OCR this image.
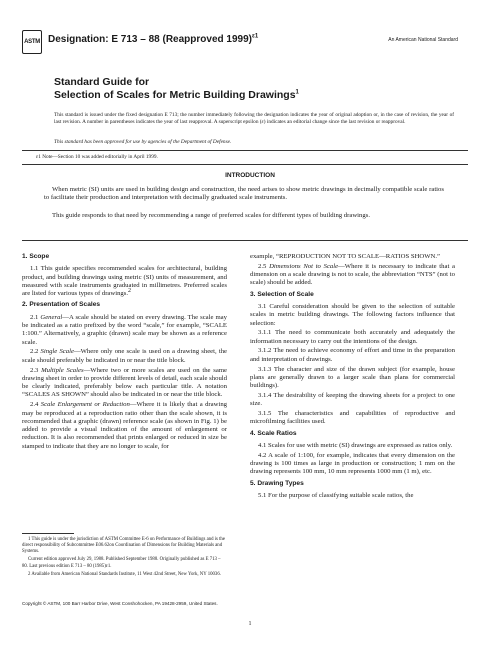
ASTM Designation: E 713 – 88 (Reapproved 1999)$^{\varepsilon 1}$
An American National Standard
Standard Guide for
Selection of Scales for Metric Building Drawings$^1$
This standard is issued under the fixed designation E 713; the number immediately following the designation indicates the year of original adoption or, in the case of revision, the year of last revision. A number in parentheses indicates the year of last reapproval. A superscript epsilon (ε) indicates an editorial change since the last revision or reapproval.
This standard has been approved for use by agencies of the Department of Defense.
ε1 Note—Section 10 was added editorially in April 1999.
INTRODUCTION
When metric (SI) units are used in building design and construction, the need arises to show metric drawings in decimally compatible scale ratios to facilitate their production and interpretation with decimally graduated scale instruments.
This guide responds to that need by recommending a range of preferred scales for different types of building drawings.

1. Scope

1.1 This guide specifies recommended scales for architectural, building product, and building drawings using metric (SI) units of measurement, and measured with scale instruments graduated in millimetres. Preferred scales are listed for various types of drawings.2

2. Presentation of Scales

2.1 General—A scale should be stated on every drawing. The scale may be indicated as a ratio prefixed by the word “scale,” for example, “SCALE 1:100.” Alternatively, a graphic (drawn) scale may be shown as a reference scale.

2.2 Single Scale—Where only one scale is used on a drawing sheet, the scale should preferably be indicated in or near the title block.

2.3 Multiple Scales—Where two or more scales are used on the same drawing sheet in order to provide different levels of detail, each scale should be clearly indicated, preferably below each particular title. A notation “SCALES AS SHOWN” should also be indicated in or near the title block.

2.4 Scale Enlargement or Reduction—Where it is likely that a drawing may be reproduced at a reproduction ratio other than the scale shown, it is recommended that a graphic (drawn) reference scale (as shown in Fig. 1) be added to provide a visual indication of the amount of enlargement or reduction. It is also recommended that prints enlarged or reduced in size be stamped to indicate that they are no longer to scale, for

example, “REPRODUCTION NOT TO SCALE—RATIOS SHOWN.”

2.5 Dimensions Not to Scale—Where it is necessary to indicate that a dimension on a scale drawing is not to scale, the abbreviation “NTS” (not to scale) should be added.

3. Selection of Scale

3.1 Careful consideration should be given to the selection of suitable scales in metric building drawings. The following factors influence that selection:

3.1.1 The need to communicate both accurately and adequately the information necessary to carry out the intentions of the design.

3.1.2 The need to achieve economy of effort and time in the preparation and interpretation of drawings.

3.1.3 The character and size of the drawn subject (for example, house plans are generally drawn to a larger scale than plans for commercial buildings).

3.1.4 The desirability of keeping the drawing sheets for a project to one size.

3.1.5 The characteristics and capabilities of reproductive and microfilming facilities used.

4. Scale Ratios

4.1 Scales for use with metric (SI) drawings are expressed as ratios only.

4.2 A scale of 1:100, for example, indicates that every dimension on the drawing is 100 times as large in production or construction; 1 mm on the drawing represents 100 mm, 10 mm represents 1000 mm (1 m), etc.

5. Drawing Types

5.1 For the purpose of classifying suitable scale ratios, the

1 This guide is under the jurisdiction of ASTM Committee E-6 on Performance of Buildings and is the direct responsibility of Subcommittee E06.62on Coordination of Dimensions for Building Materials and Systems.

Current edition approved July 29, 1988. Published September 1988. Originally published as E 713 – 80. Last previous edition E 713 – 80 (1985)ε1.

2 Available from American National Standards Institute, 11 West 42nd Street, New York, NY 10036.

Copyright © ASTM, 100 Barr Harbor Drive, West Conshohocken, PA 19428-2959, United States.
1
